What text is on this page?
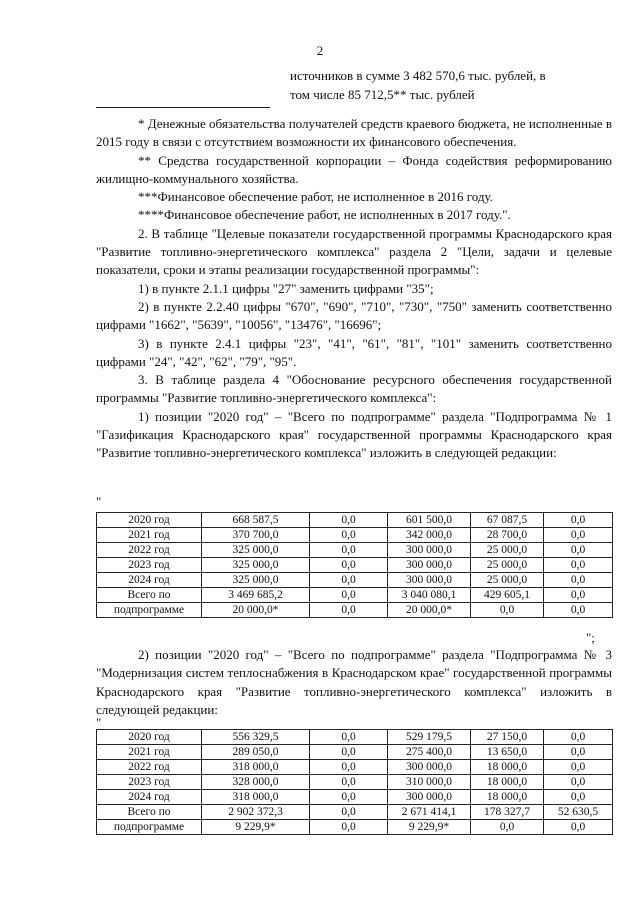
2
источников в сумме 3 482 570,6 тыс. рублей, в
том числе 85 712,5** тыс. рублей

* Денежные обязательства получателей средств краевого бюджета, не исполненные в 2015 году в связи с отсутствием возможности их финансового обеспечения.

** Средства государственной корпорации – Фонда содействия реформированию жилищно-коммунального хозяйства.

***Финансовое обеспечение работ, не исполненное в 2016 году.

****Финансовое обеспечение работ, не исполненных в 2017 году.".

2. В таблице "Целевые показатели государственной программы Краснодарского края "Развитие топливно-энергетического комплекса" раздела 2 "Цели, задачи и целевые показатели, сроки и этапы реализации государственной программы":

1) в пункте 2.1.1 цифры "27" заменить цифрами "35";

2) в пункте 2.2.40 цифры "670", "690", "710", "730", "750" заменить соответственно цифрами "1662", "5639", "10056", "13476", "16696";

3) в пункте 2.4.1 цифры "23", "41", "61", "81", "101" заменить соответственно цифрами "24", "42", "62", "79", "95".

3. В таблице раздела 4 "Обоснование ресурсного обеспечения государственной программы "Развитие топливно-энергетического комплекса":

1) позиции "2020 год" – "Всего по подпрограмме" раздела "Подпрограмма № 1 "Газификация Краснодарского края" государственной программы Краснодарского края "Развитие топливно-энергетического комплекса" изложить в следующей редакции:

"
2020 год	668 587,5	0,0	601 500,0	67 087,5	0,0
2021 год	370 700,0	0,0	342 000,0	28 700,0	0,0
2022 год	325 000,0	0,0	300 000,0	25 000,0	0,0
2023 год	325 000,0	0,0	300 000,0	25 000,0	0,0
2024 год	325 000,0	0,0	300 000,0	25 000,0	0,0
Всего по	3 469 685,2	0,0	3 040 080,1	429 605,1	0,0
подпрограмме	20 000,0*	0,0	20 000,0*	0,0	0,0
";

2) позиции "2020 год" – "Всего по подпрограмме" раздела "Подпрограмма № 3 "Модернизация систем теплоснабжения в Краснодарском крае" государственной программы Краснодарского края "Развитие топливно-энергетического комплекса" изложить в следующей редакции:

"
2020 год	556 329,5	0,0	529 179,5	27 150,0	0,0
2021 год	289 050,0	0,0	275 400,0	13 650,0	0,0
2022 год	318 000,0	0,0	300 000,0	18 000,0	0,0
2023 год	328 000,0	0,0	310 000,0	18 000,0	0,0
2024 год	318 000,0	0,0	300 000,0	18 000,0	0,0
Всего по	2 902 372,3	0,0	2 671 414,1	178 327,7	52 630,5
подпрограмме	9 229,9*	0,0	9 229,9*	0,0	0,0
